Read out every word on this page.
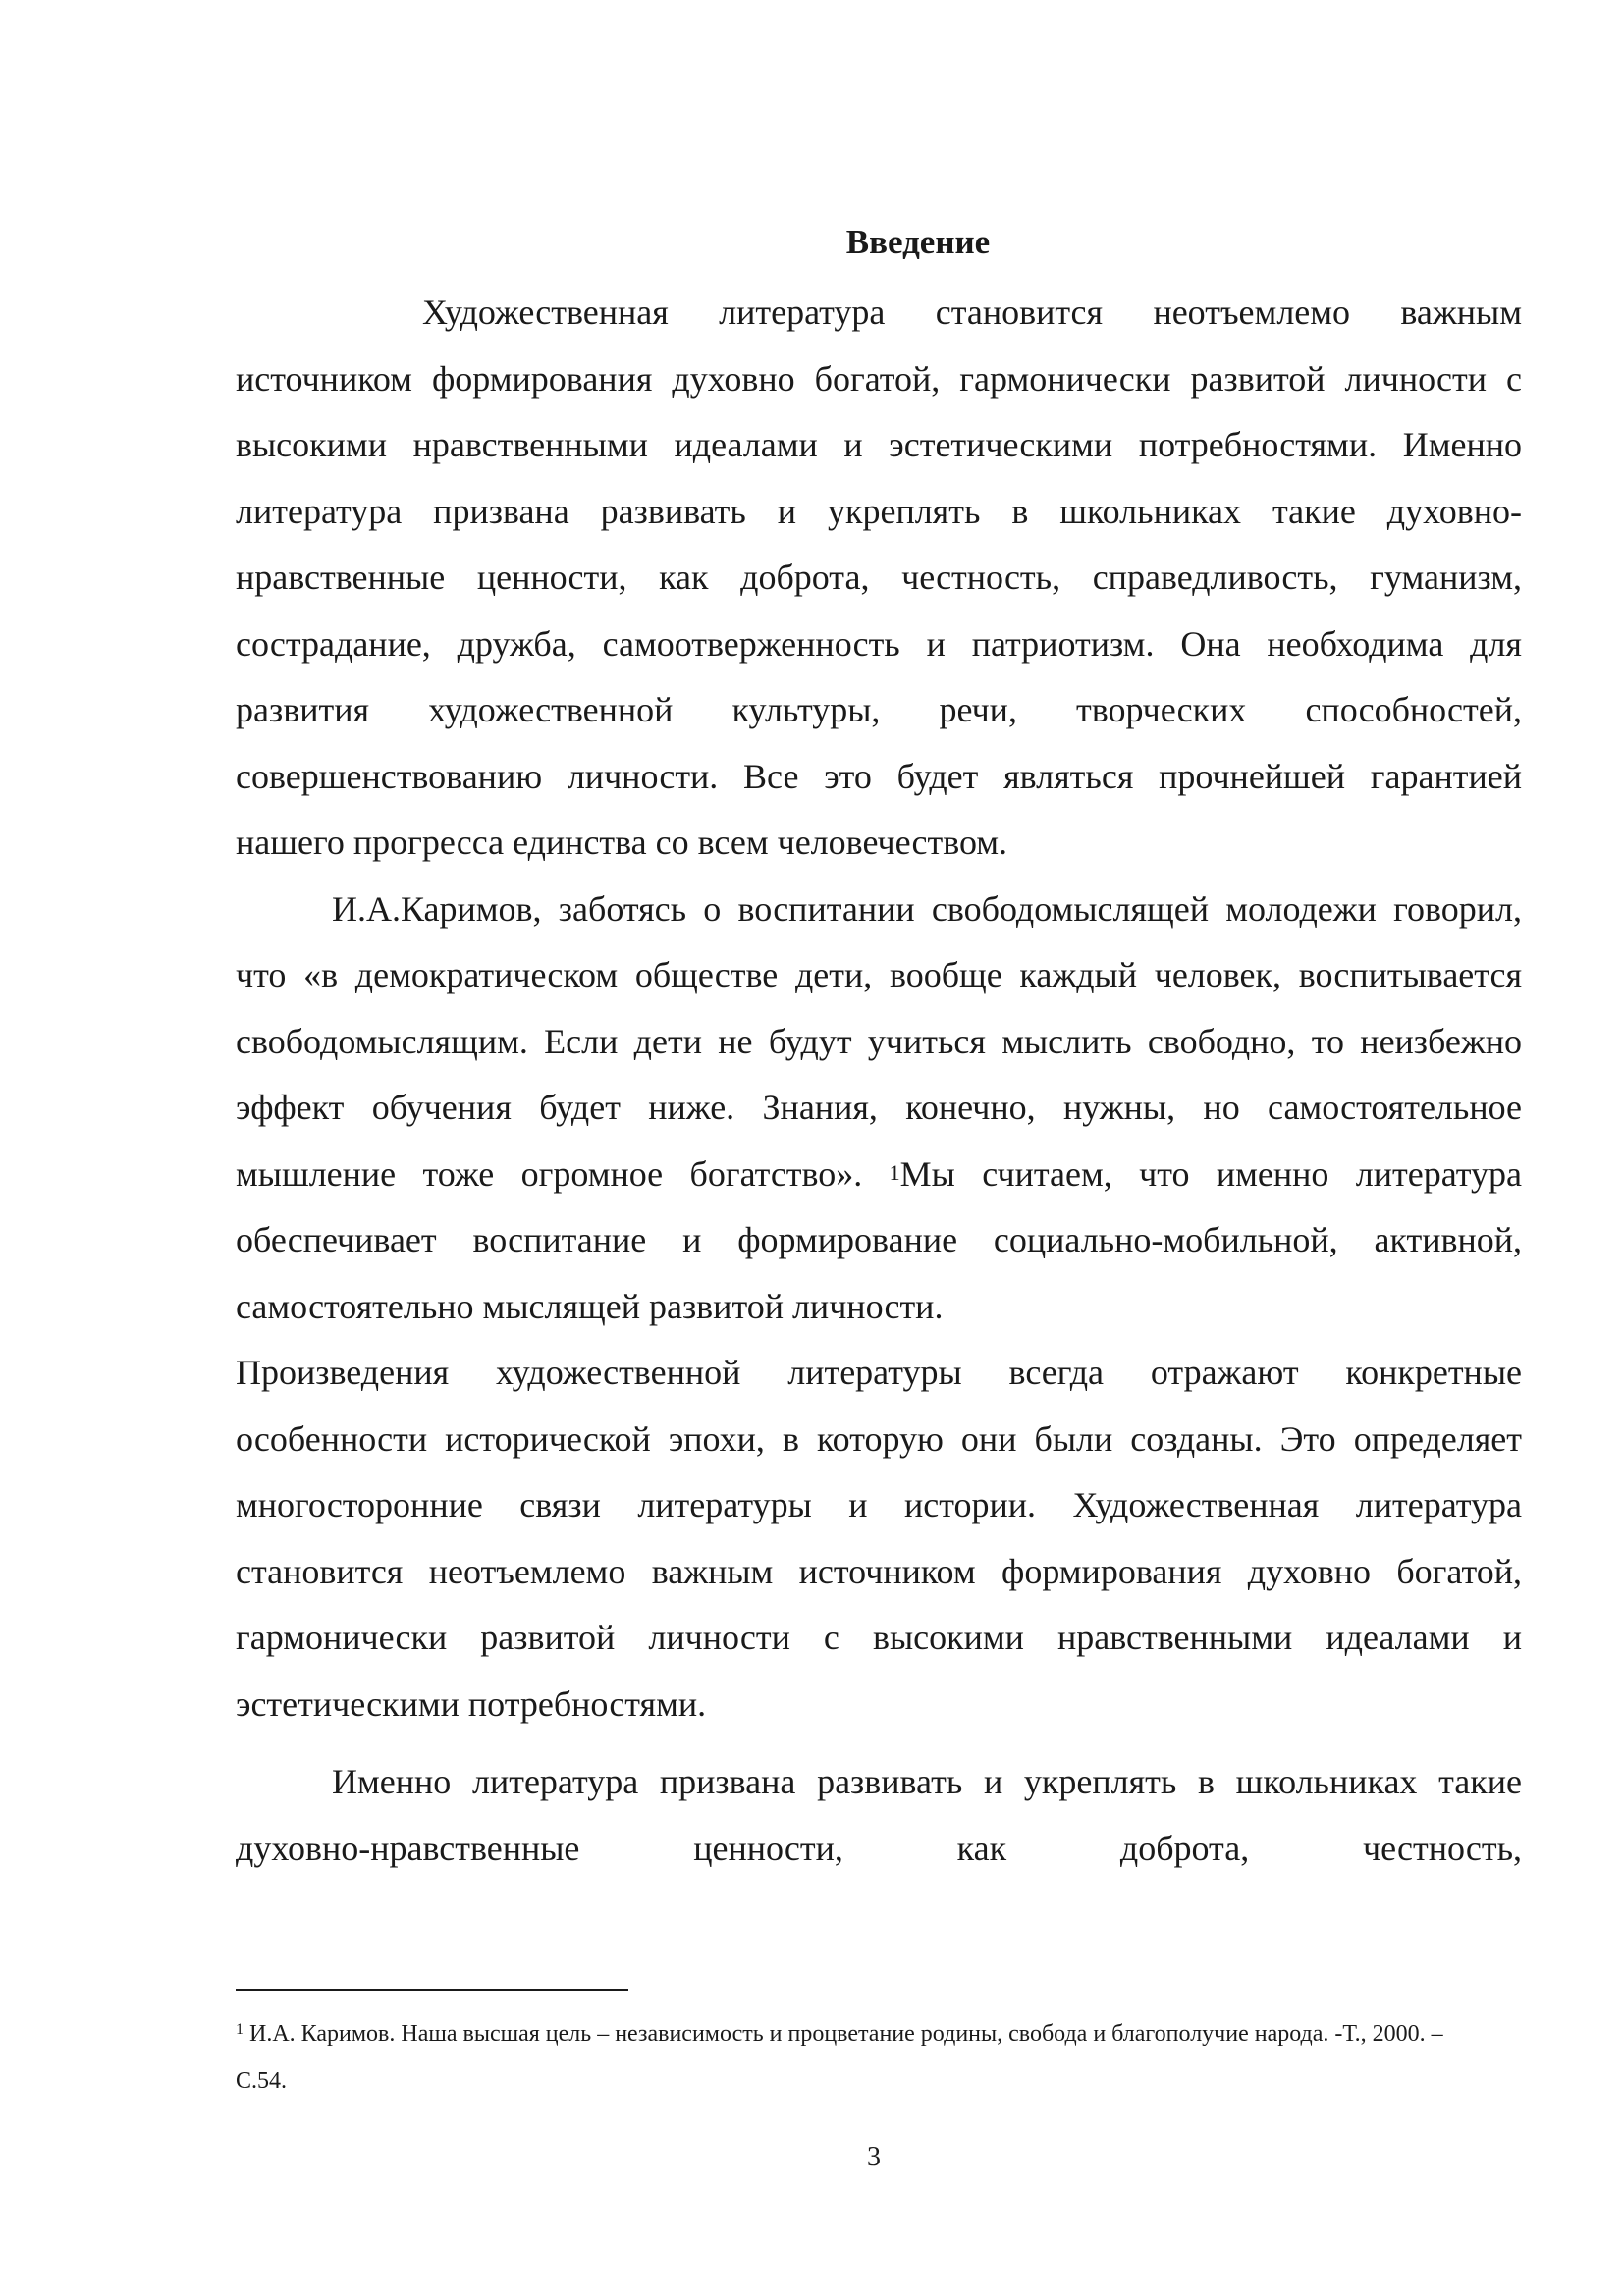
Введение

Художественная литература становится неотъемлемо важным источником формирования духовно богатой, гармонически развитой личности с высокими нравственными идеалами и эстетическими потребностями. Именно литература призвана развивать и укреплять в школьниках такие духовно-нравственные ценности, как доброта, честность, справедливость, гуманизм, сострадание, дружба, самоотверженность и патриотизм. Она необходима для развития художественной культуры, речи, творческих способностей, совершенствованию личности. Все это будет являться прочнейшей гарантией нашего прогресса единства со всем человечеством.

И.А.Каримов, заботясь о воспитании свободомыслящей молодежи говорил, что «в демократическом обществе дети, вообще каждый человек, воспитывается свободомыслящим. Если дети не будут учиться мыслить свободно, то неизбежно эффект обучения будет ниже. Знания, конечно, нужны, но самостоятельное мышление тоже огромное богатство». $^1$Мы считаем, что именно литература обеспечивает воспитание и формирование социально-мобильной, активной, самостоятельно мыслящей развитой личности.

Произведения художественной литературы всегда отражают конкретные особенности исторической эпохи, в которую они были созданы. Это определяет многосторонние связи литературы и истории. Художественная литература становится неотъемлемо важным источником формирования духовно богатой, гармонически развитой личности с высокими нравственными идеалами и эстетическими потребностями.

Именно литература призвана развивать и укреплять в школьниках такие духовно-нравственные ценности, как доброта, честность,

$^1$ И.А. Каримов. Наша высшая цель – независимость и процветание родины, свобода и благополучие народа. -Т., 2000. –С.54.
3
